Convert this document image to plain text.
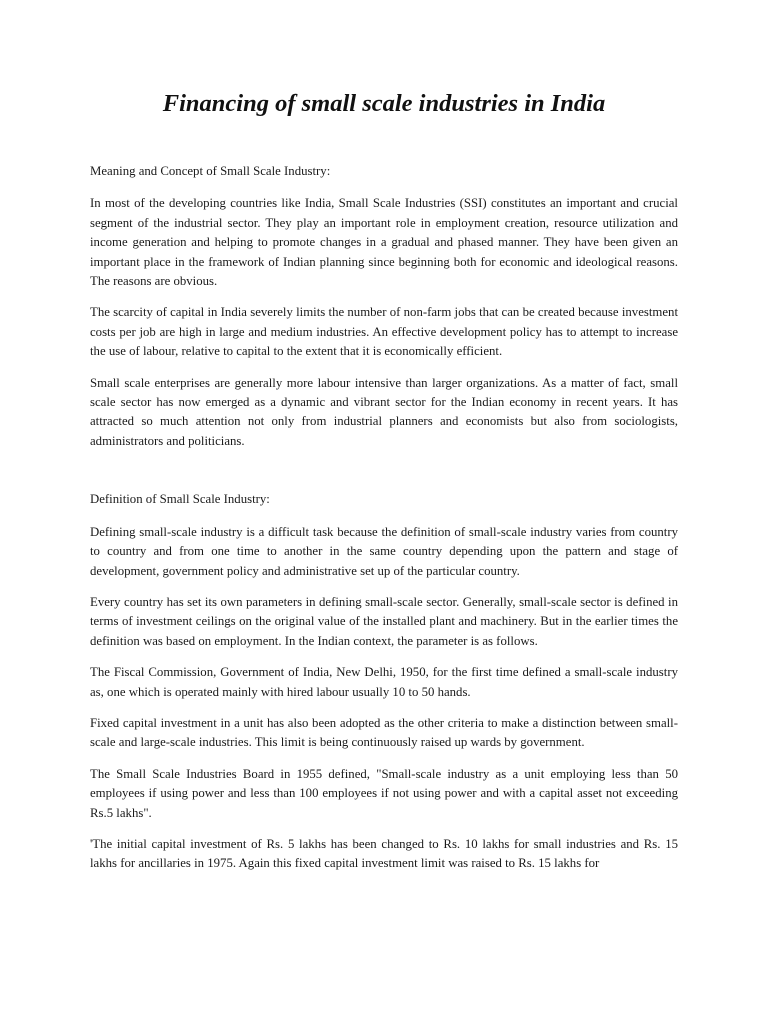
Financing of small scale industries in India

Meaning and Concept of Small Scale Industry:

In most of the developing countries like India, Small Scale Industries (SSI) constitutes an important and crucial segment of the industrial sector. They play an important role in employment creation, resource utilization and income generation and helping to promote changes in a gradual and phased manner. They have been given an important place in the framework of Indian planning since beginning both for economic and ideological reasons. The reasons are obvious.

The scarcity of capital in India severely limits the number of non-farm jobs that can be created because investment costs per job are high in large and medium industries. An effective development policy has to attempt to increase the use of labour, relative to capital to the extent that it is economically efficient.

Small scale enterprises are generally more labour intensive than larger organizations. As a matter of fact, small scale sector has now emerged as a dynamic and vibrant sector for the Indian economy in recent years. It has attracted so much attention not only from industrial planners and economists but also from sociologists, administrators and politicians.

Definition of Small Scale Industry:

Defining small-scale industry is a difficult task because the definition of small-scale industry varies from country to country and from one time to another in the same country depending upon the pattern and stage of development, government policy and administrative set up of the particular country.

Every country has set its own parameters in defining small-scale sector. Generally, small-scale sector is defined in terms of investment ceilings on the original value of the installed plant and machinery. But in the earlier times the definition was based on employment. In the Indian context, the parameter is as follows.

The Fiscal Commission, Government of India, New Delhi, 1950, for the first time defined a small-scale industry as, one which is operated mainly with hired labour usually 10 to 50 hands.

Fixed capital investment in a unit has also been adopted as the other criteria to make a distinction between small-scale and large-scale industries. This limit is being continuously raised up wards by government.

The Small Scale Industries Board in 1955 defined, "Small-scale industry as a unit employing less than 50 employees if using power and less than 100 employees if not using power and with a capital asset not exceeding Rs.5 lakhs".

'The initial capital investment of Rs. 5 lakhs has been changed to Rs. 10 lakhs for small industries and Rs. 15 lakhs for ancillaries in 1975. Again this fixed capital investment limit was raised to Rs. 15 lakhs for
